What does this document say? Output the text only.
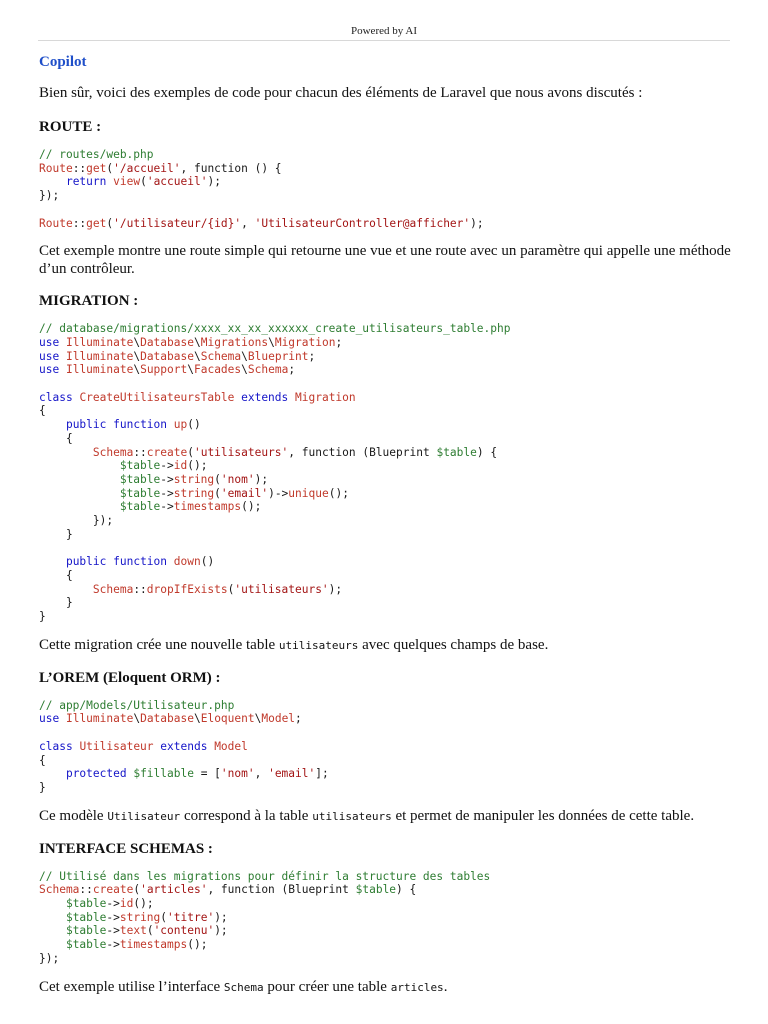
Powered by AI
Copilot

Bien sûr, voici des exemples de code pour chacun des éléments de Laravel que nous avons discutés :

ROUTE :
// routes/web.php
Route::get('/accueil', function () {
return view('accueil');
});

Route::get('/utilisateur/{id}', 'UtilisateurController@afficher');

Cet exemple montre une route simple qui retourne une vue et une route avec un paramètre qui appelle une méthode d’un contrôleur.

MIGRATION :
// database/migrations/xxxx_xx_xx_xxxxxx_create_utilisateurs_table.php
use Illuminate\Database\Migrations\Migration;
use Illuminate\Database\Schema\Blueprint;
use Illuminate\Support\Facades\Schema;

class CreateUtilisateursTable extends Migration
{
public function up()
{
Schema::create('utilisateurs', function (Blueprint $table) {
$table->id();
$table->string('nom');
$table->string('email')->unique();
$table->timestamps();
});
}

public function down()
{
Schema::dropIfExists('utilisateurs');
}
}

Cette migration crée une nouvelle table utilisateurs avec quelques champs de base.

L’OREM (Eloquent ORM) :
// app/Models/Utilisateur.php
use Illuminate\Database\Eloquent\Model;

class Utilisateur extends Model
{
protected $fillable = ['nom', 'email'];
}

Ce modèle Utilisateur correspond à la table utilisateurs et permet de manipuler les données de cette table.

INTERFACE SCHEMAS :
// Utilisé dans les migrations pour définir la structure des tables
Schema::create('articles', function (Blueprint $table) {
$table->id();
$table->string('titre');
$table->text('contenu');
$table->timestamps();
});

Cet exemple utilise l’interface Schema pour créer une table articles.
